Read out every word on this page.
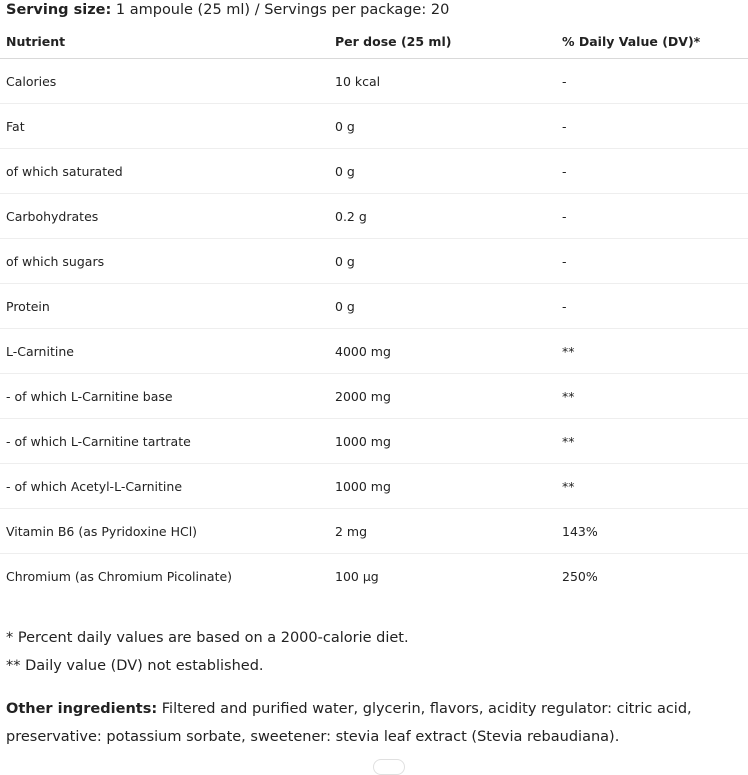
Serving size: 1 ampoule (25 ml) / Servings per package: 20
Nutrient	Per dose (25 ml)	% Daily Value (DV)*
Calories	10 kcal	-
Fat	0 g	-
of which saturated	0 g	-
Carbohydrates	0.2 g	-
of which sugars	0 g	-
Protein	0 g	-
L-Carnitine	4000 mg	**
- of which L-Carnitine base	2000 mg	**
- of which L-Carnitine tartrate	1000 mg	**
- of which Acetyl-L-Carnitine	1000 mg	**
Vitamin B6 (as Pyridoxine HCl)	2 mg	143%
Chromium (as Chromium Picolinate)	100 µg	250%
* Percent daily values are based on a 2000-calorie diet.
** Daily value (DV) not established.
Other ingredients: Filtered and purified water, glycerin, flavors, acidity regulator: citric acid, preservative: potassium sorbate, sweetener: stevia leaf extract (Stevia rebaudiana).
